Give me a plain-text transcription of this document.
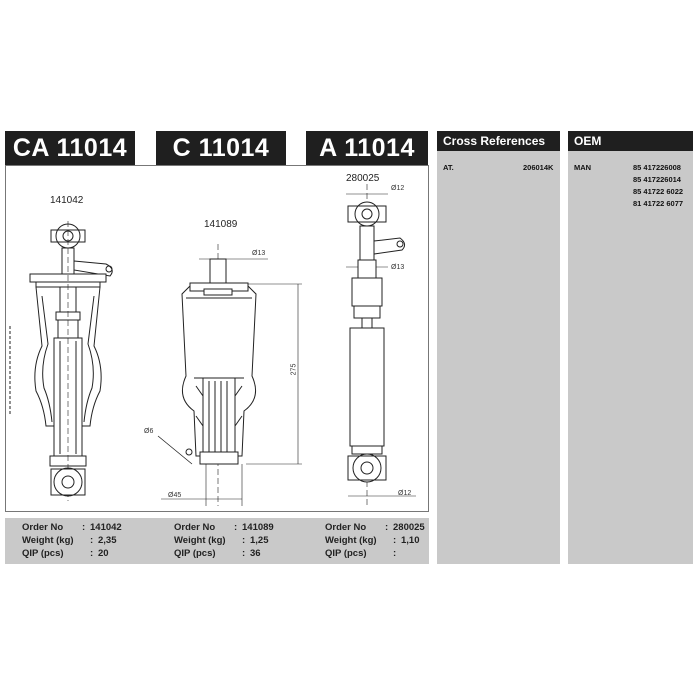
CA 11014	C 11014	A 11014
141042
141089
280025
Ø13
275
Ø6
Ø45
Ø12
Ø13
Ø12
Cross References
AT.	206014K
OEM
MAN	85 417226008
85 417226014
85 41722 6022
81 41722 6077
Order No : 141042
Weight (kg) : 2,35
QIP (pcs)	: 20
Order No : 141089
Weight (kg) : 1,25
QIP (pcs)	: 36
Order No : 280025
Weight (kg) : 1,10
QIP (pcs)	:
